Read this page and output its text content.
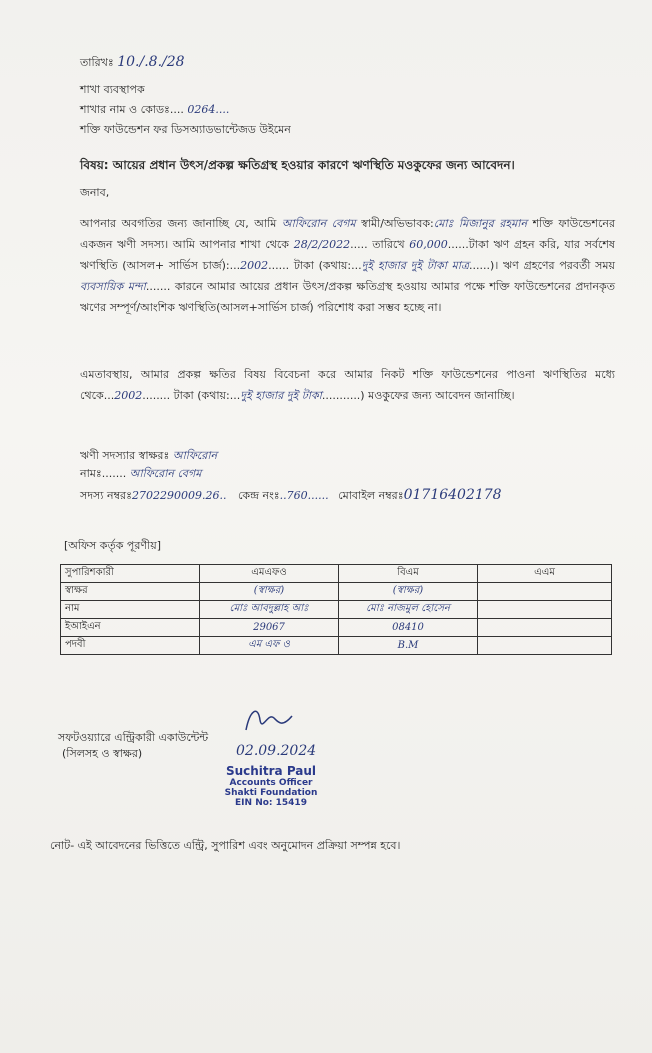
তারিখঃ 10./.8./28
শাখা ব্যবস্থাপক
শাখার নাম ও কোডঃ.... 0264....
শক্তি ফাউন্ডেশন ফর ডিসঅ্যাডভান্টেজড উইমেন
বিষয়: আয়ের প্রধান উৎস/প্রকল্প ক্ষতিগ্রস্থ হওয়ার কারণে ঋণস্থিতি মওকুফের জন্য আবেদন।
জনাব,
আপনার অবগতির জন্য জানাচ্ছি যে, আমি আফিরোন বেগম স্বামী/অভিভাবক:মোঃ মিজানুর রহমান শক্তি ফাউন্ডেশনের একজন ঋণী সদস্য। আমি আপনার শাখা থেকে 28/2/2022..... তারিখে 60,000......টাকা ঋণ গ্রহন করি, যার সর্বশেষ ঋণস্থিতি (আসল+ সার্ভিস চার্জ):...2002...... টাকা (কথায়:...দুই হাজার দুই টাকা মাত্র......)। ঋণ গ্রহণের পরবর্তী সময় ব্যবসায়িক মন্দা....... কারনে আমার আয়ের প্রধান উৎস/প্রকল্প ক্ষতিগ্রস্থ হওয়ায় আমার পক্ষে শক্তি ফাউন্ডেশনের প্রদানকৃত ঋণের সম্পূর্ণ/আংশিক ঋণস্থিতি(আসল+সার্ভিস চার্জ) পরিশোধ করা সম্ভব হচ্ছে না।
এমতাবস্থায়, আমার প্রকল্প ক্ষতির বিষয় বিবেচনা করে আমার নিকট শক্তি ফাউন্ডেশনের পাওনা ঋণস্থিতির মধ্যে থেকে...2002........ টাকা (কথায়:...দুই হাজার দুই টাকা...........) মওকুফের জন্য আবেদন জানাচ্ছি।
ঋণী সদস্যার স্বাক্ষরঃ আফিরোন
নামঃ....... আফিরোন বেগম
সদস্য নম্বরঃ2702290009.26.. কেন্দ্র নংঃ..760...... মোবাইল নম্বরঃ01716402178
[অফিস কর্তৃক পূরণীয়]
সুপারিশকারী	এমএফও	বিএম	এএম
স্বাক্ষর	(স্বাক্ষর)	(স্বাক্ষর)	
নাম	মোঃ আবদুল্লাহ আঃ	মোঃ নাজমুল হোসেন	
ইআইএন	29067	08410	
পদবী	এম এফ ও	B.M	
সফটওয়্যারে এন্ট্রিকারী একাউন্টেন্ট
(সিলসহ ও স্বাক্ষর)	02.09.2024
Suchitra Paul
Accounts Officer
Shakti Foundation
EIN No: 15419
নোট- এই আবেদনের ভিত্তিতে এন্ট্রি, সুপারিশ এবং অনুমোদন প্রক্রিয়া সম্পন্ন হবে।
